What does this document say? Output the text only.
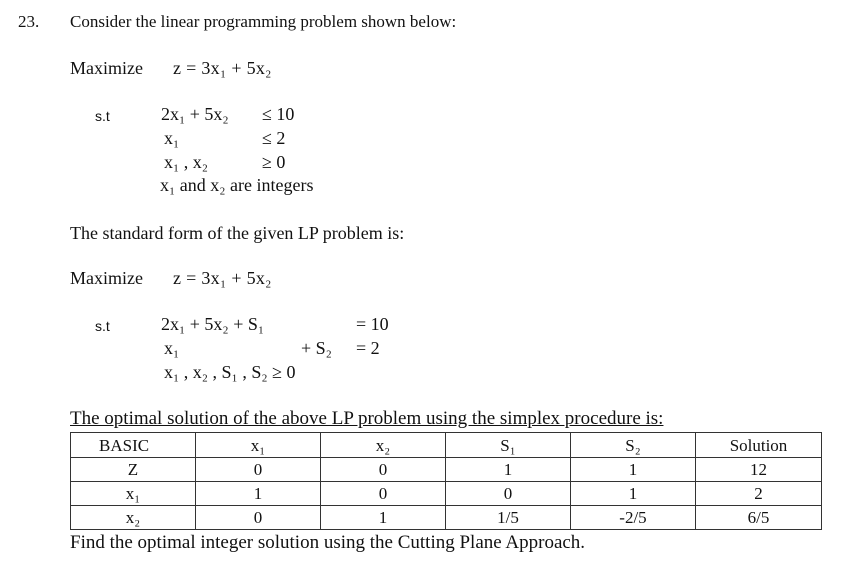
23. Consider the linear programming problem shown below:
Maximize z = 3x₁ + 5x₂
s.t	2x₁ + 5x₂ ≤ 10
x₁	≤ 2
x₁ , x₂	≥ 0
x₁ and x₂ are integers
The standard form of the given LP problem is:
Maximize z = 3x₁ + 5x₂
s.t	2x₁ + 5x₂ + S₁	= 10
x₁	+ S₂ = 2
x₁ , x₂ , S₁ , S₂ ≥ 0
The optimal solution of the above LP problem using the simplex procedure is:
BASIC	x₁	x₂	S₁	S₂	Solution
Z	0	0	1	1	12
x₁	1	0	0	1	2
x₂	0	1	1/5	-2/5	6/5
Find the optimal integer solution using the Cutting Plane Approach.
